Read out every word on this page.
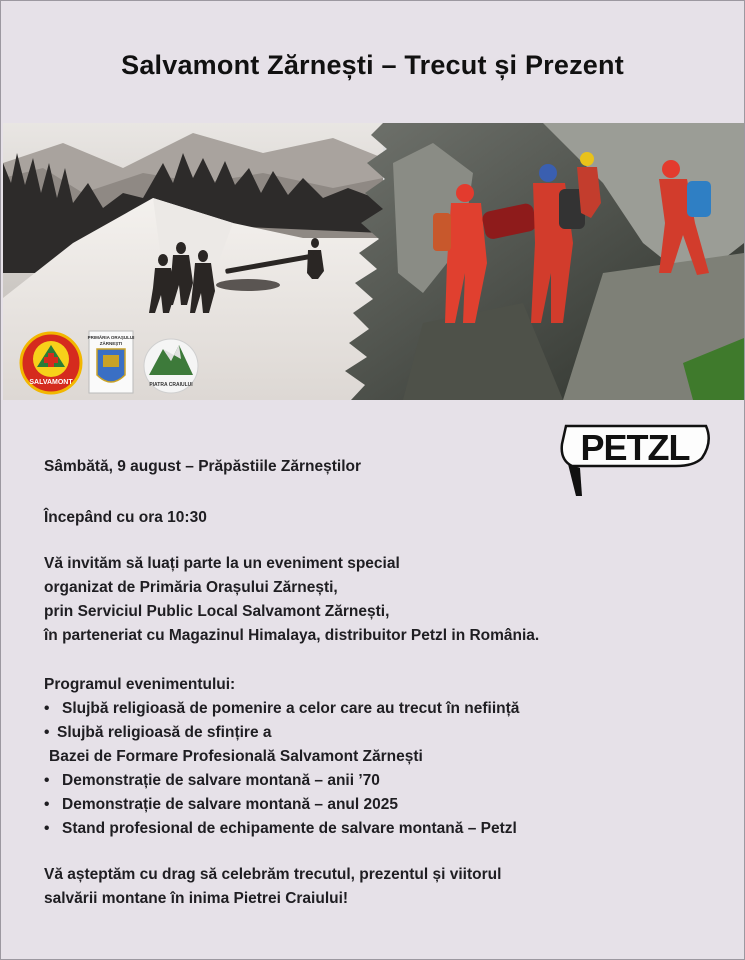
Salvamont Zărnești – Trecut și Prezent
SALVAMONT
PRIMĂRIA ORAȘULUI
ZĂRNEȘTI
PIATRA CRAIULUI
PETZL
Sâmbătă, 9 august – Prăpăstiile Zărneștilor
Începând cu ora 10:30
Vă invităm să luați parte la un eveniment special
organizat de Primăria Orașului Zărnești,
prin Serviciul Public Local Salvamont Zărnești,
în parteneriat cu Magazinul Himalaya, distribuitor Petzl in România.
Programul evenimentului:
• Slujbă religioasă de pomenire a celor care au trecut în neființă
• Slujbă religioasă de sfințire a
Bazei de Formare Profesională Salvamont Zărnești
• Demonstrație de salvare montană – anii ’70
• Demonstrație de salvare montană – anul 2025
• Stand profesional de echipamente de salvare montană – Petzl
Vă așteptăm cu drag să celebrăm trecutul, prezentul și viitorul
salvării montane în inima Pietrei Craiului!
